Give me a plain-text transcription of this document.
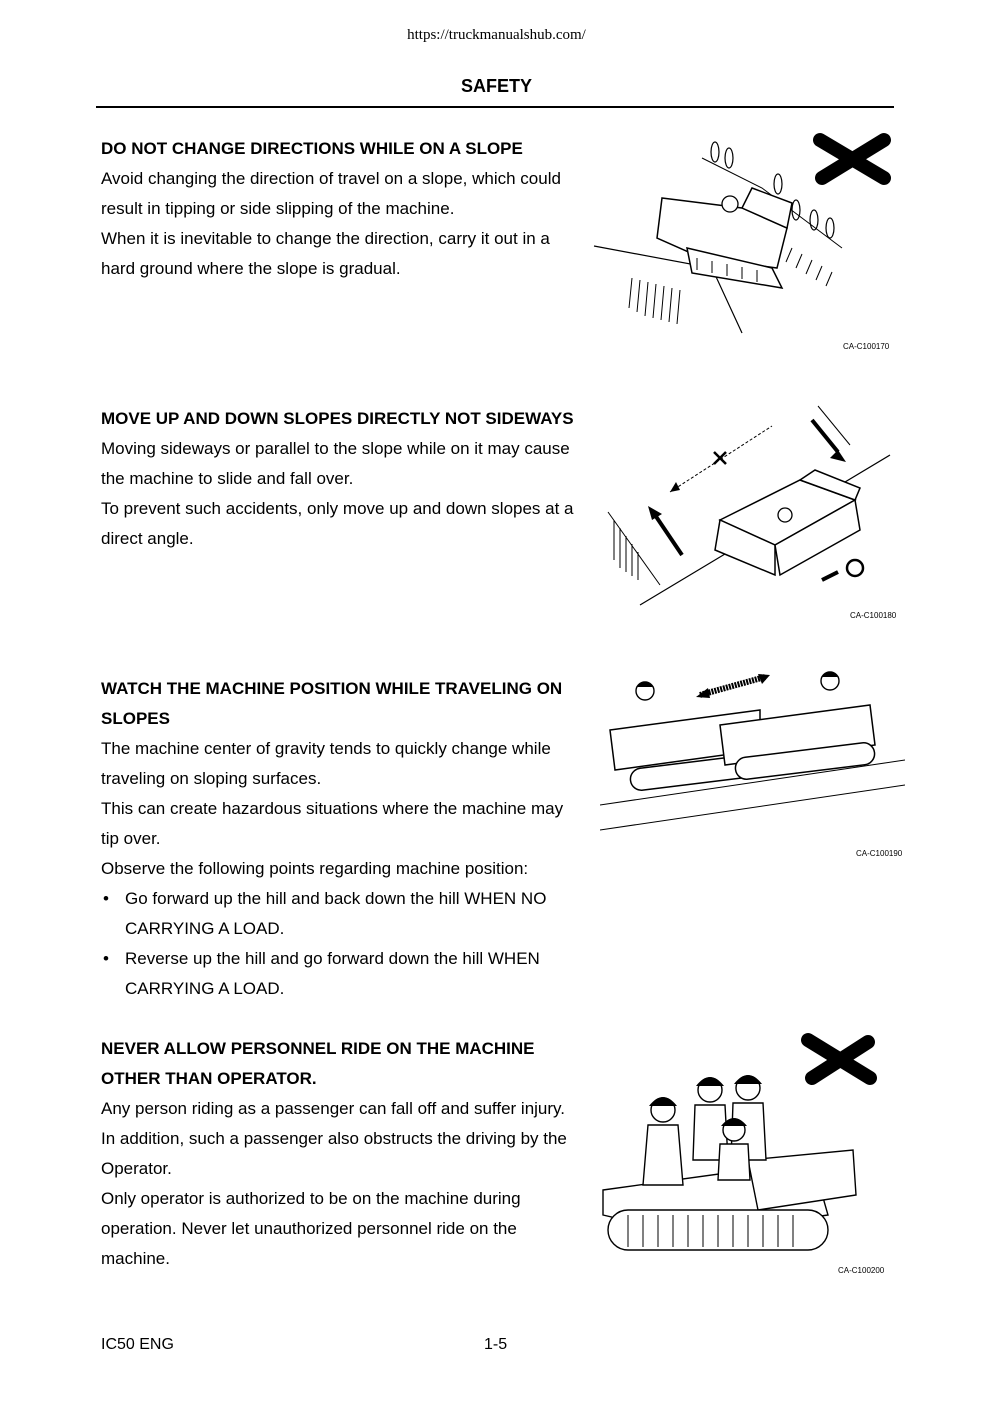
https://truckmanualshub.com/
SAFETY
DO NOT CHANGE DIRECTIONS WHILE ON A SLOPE

Avoid changing the direction of travel on a slope, which could result in tipping or side slipping of the machine.

When it is inevitable to change the direction, carry it out in a hard ground where the slope is gradual.

CA-C100170
MOVE UP AND DOWN SLOPES DIRECTLY NOT SIDEWAYS

Moving sideways or parallel to the slope while on it may cause the machine to slide and fall over.

To prevent such accidents, only move up and down slopes at a direct angle.

CA-C100180
WATCH THE MACHINE POSITION WHILE TRAVELING ON SLOPES

The machine center of gravity tends to quickly change while traveling on sloping surfaces.

This can create hazardous situations where the machine may tip over.

Observe the following points regarding machine position:

• Go forward up the hill and back down the hill WHEN NO CARRYING A LOAD.
• Reverse up the hill and go forward down the hill WHEN CARRYING A LOAD.
CA-C100190
NEVER ALLOW PERSONNEL RIDE ON THE MACHINE OTHER THAN OPERATOR.

Any person riding as a passenger can fall off and suffer injury. In addition, such a passenger also obstructs the driving by the Operator.

Only operator is authorized to be on the machine during operation. Never let unauthorized personnel ride on the machine.

CA-C100200
IC50 ENG	1-5
